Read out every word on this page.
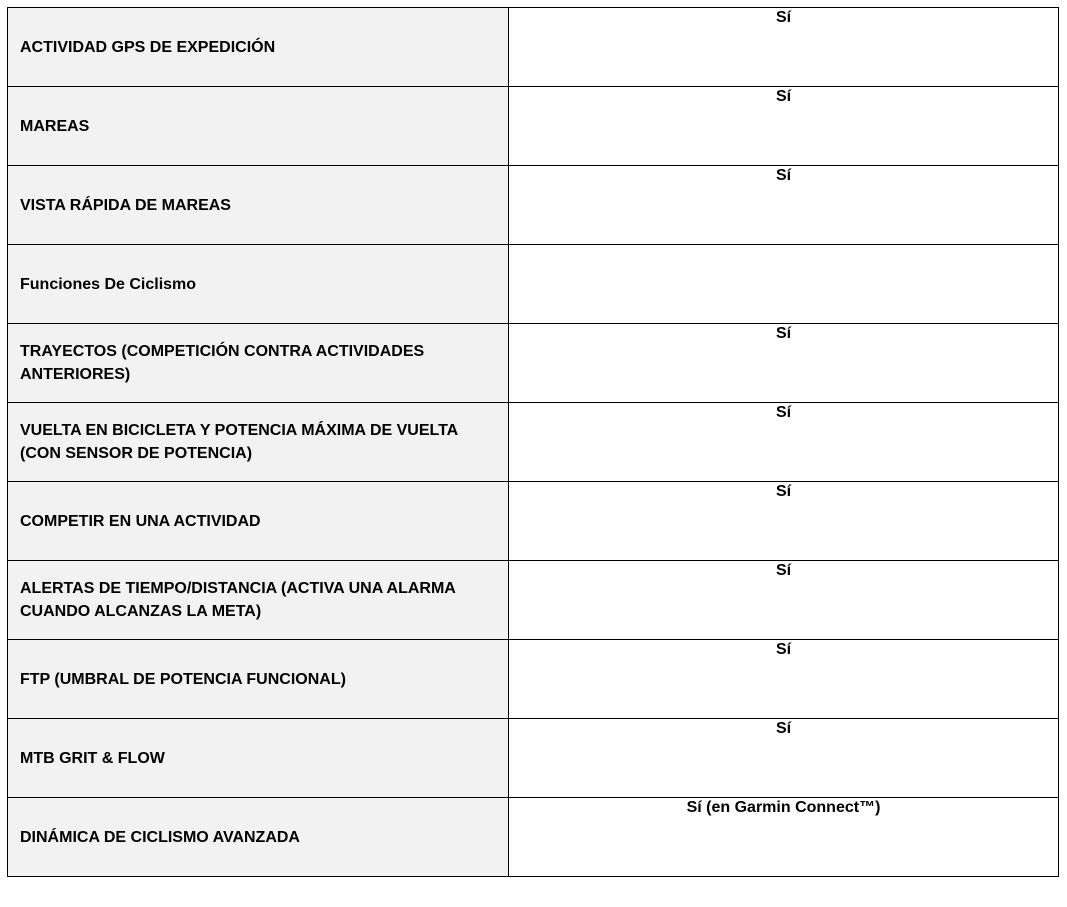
ACTIVIDAD GPS DE EXPEDICIÓN	Sí
MAREAS	Sí
VISTA RÁPIDA DE MAREAS	Sí
Funciones De Ciclismo	
TRAYECTOS (COMPETICIÓN CONTRA ACTIVIDADES ANTERIORES)	Sí
VUELTA EN BICICLETA Y POTENCIA MÁXIMA DE VUELTA (CON SENSOR DE POTENCIA)	Sí
COMPETIR EN UNA ACTIVIDAD	Sí
ALERTAS DE TIEMPO/DISTANCIA (ACTIVA UNA ALARMA CUANDO ALCANZAS LA META)	Sí
FTP (UMBRAL DE POTENCIA FUNCIONAL)	Sí
MTB GRIT & FLOW	Sí
DINÁMICA DE CICLISMO AVANZADA	Sí (en Garmin Connect™)
